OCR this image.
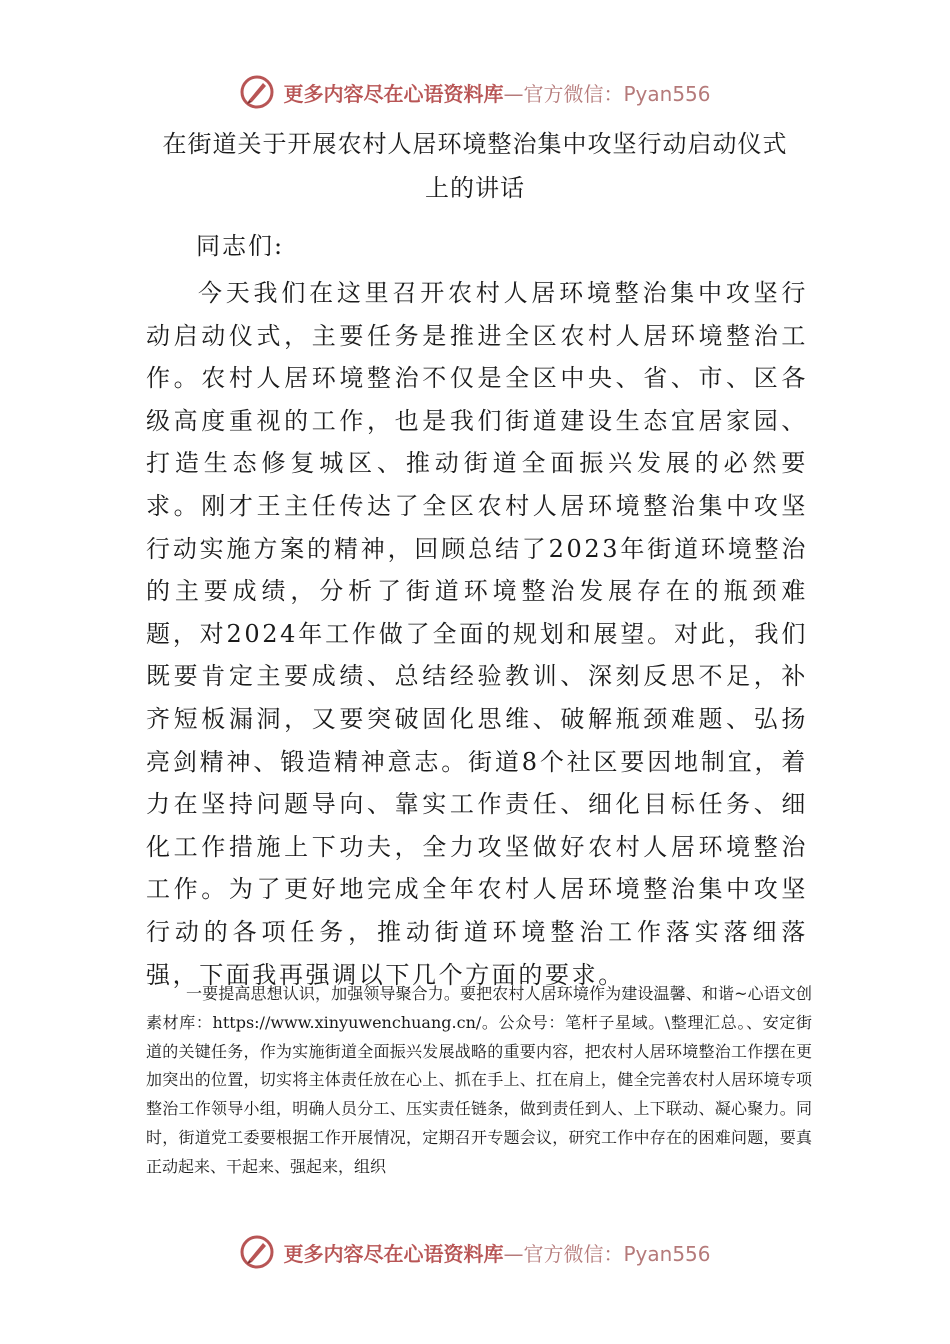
更多内容尽在心语资料库—官方微信：Pyan556
在街道关于开展农村人居环境整治集中攻坚行动启动仪式
上的讲话
同志们:

今天我们在这里召开农村人居环境整治集中攻坚行动启动仪式，主要任务是推进全区农村人居环境整治工作。农村人居环境整治不仅是全区中央、省、市、区各级高度重视的工作，也是我们街道建设生态宜居家园、打造生态修复城区、推动街道全面振兴发展的必然要求。刚才王主任传达了全区农村人居环境整治集中攻坚行动实施方案的精神，回顾总结了2023年街道环境整治的主要成绩，分析了街道环境整治发展存在的瓶颈难题，对2024年工作做了全面的规划和展望。对此，我们既要肯定主要成绩、总结经验教训、深刻反思不足，补齐短板漏洞，又要突破固化思维、破解瓶颈难题、弘扬亮剑精神、锻造精神意志。街道8个社区要因地制宜，着力在坚持问题导向、靠实工作责任、细化目标任务、细化工作措施上下功夫，全力攻坚做好农村人居环境整治工作。为了更好地完成全年农村人居环境整治集中攻坚行动的各项任务，推动街道环境整治工作落实落细落强，下面我再强调以下几个方面的要求。

一要提高思想认识，加强领导聚合力。要把农村人居环境作为建设温馨、和谐~心语文创素材库：https://www.xinyuwenchuang.cn/。公众号：笔杆子星域。\整理汇总。、安定街道的关键任务，作为实施街道全面振兴发展战略的重要内容，把农村人居环境整治工作摆在更加突出的位置，切实将主体责任放在心上、抓在手上、扛在肩上，健全完善农村人居环境专项整治工作领导小组，明确人员分工、压实责任链条，做到责任到人、上下联动、凝心聚力。同时，街道党工委要根据工作开展情况，定期召开专题会议，研究工作中存在的困难问题，要真正动起来、干起来、强起来，组织

更多内容尽在心语资料库—官方微信：Pyan556
